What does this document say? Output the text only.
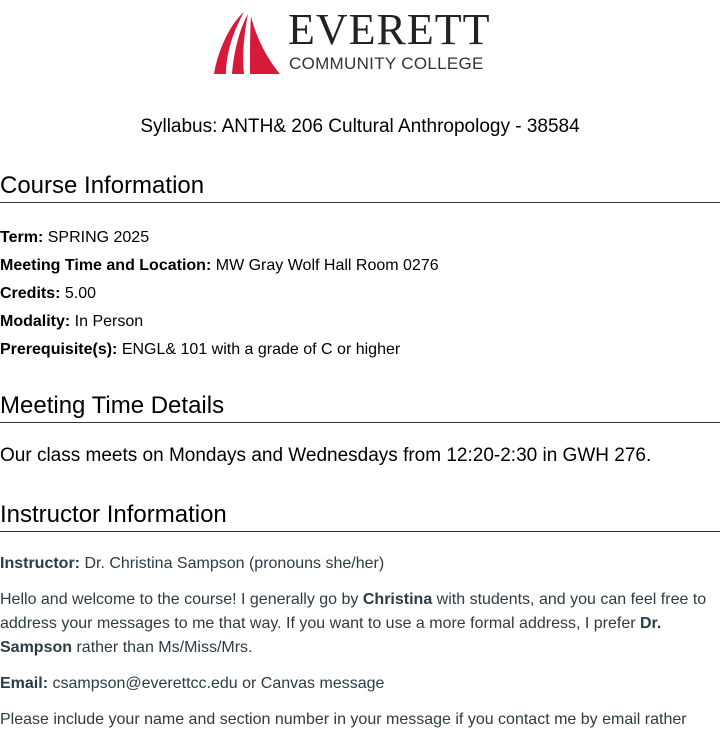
EVERETT
COMMUNITY COLLEGE
Syllabus: ANTH& 206 Cultural Anthropology - 38584
Course Information
Term: SPRING 2025
Meeting Time and Location: MW Gray Wolf Hall Room 0276
Credits: 5.00
Modality: In Person
Prerequisite(s): ENGL& 101 with a grade of C or higher
Meeting Time Details
Our class meets on Mondays and Wednesdays from 12:20-2:30 in GWH 276.
Instructor Information
Instructor: Dr. Christina Sampson (pronouns she/her)
Hello and welcome to the course! I generally go by Christina with students, and you can feel free to address your messages to me that way. If you want to use a more formal address, I prefer Dr. Sampson rather than Ms/Miss/Mrs.
Email: csampson@everettcc.edu or Canvas message
Please include your name and section number in your message if you contact me by email rather
